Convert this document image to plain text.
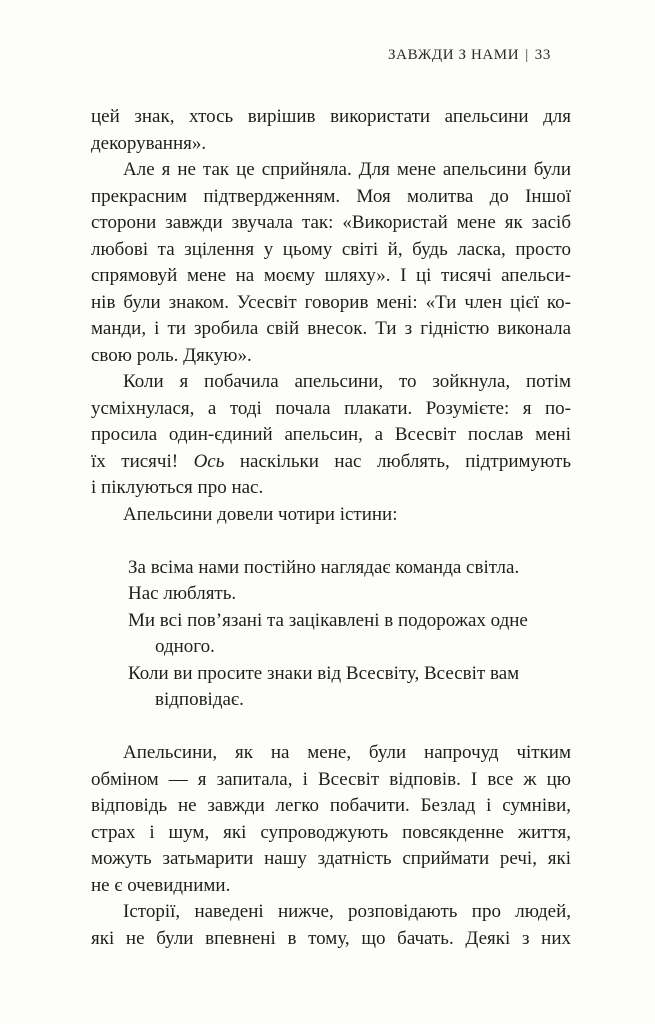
ЗАВЖДИ З НАМИ | 33
цей знак, хтось вирішив використати апельсини для
декорування».
Але я не так це сприйняла. Для мене апельсини були
прекрасним підтвердженням. Моя молитва до Іншої
сторони завжди звучала так: «Використай мене як засіб
любові та зцілення у цьому світі й, будь ласка, просто
спрямовуй мене на моєму шляху». І ці тисячі апельси-
нів були знаком. Усесвіт говорив мені: «Ти член цієї ко-
манди, і ти зробила свій внесок. Ти з гідністю виконала
свою роль. Дякую».
Коли я побачила апельсини, то зойкнула, потім
усміхнулася, а тоді почала плакати. Розумієте: я по-
просила один-єдиний апельсин, а Всесвіт послав мені
їх тисячі! Ось наскільки нас люблять, підтримують
і піклуються про нас.
Апельсини довели чотири істини:
За всіма нами постійно наглядає команда світла.
Нас люблять.
Ми всі пов’язані та зацікавлені в подорожах одне
одного.
Коли ви просите знаки від Всесвіту, Всесвіт вам
відповідає.
Апельсини, як на мене, були напрочуд чітким
обміном — я запитала, і Всесвіт відповів. І все ж цю
відповідь не завжди легко побачити. Безлад і сумніви,
страх і шум, які супроводжують повсякденне життя,
можуть затьмарити нашу здатність сприймати речі, які
не є очевидними.
Історії, наведені нижче, розповідають про людей,
які не були впевнені в тому, що бачать. Деякі з них
